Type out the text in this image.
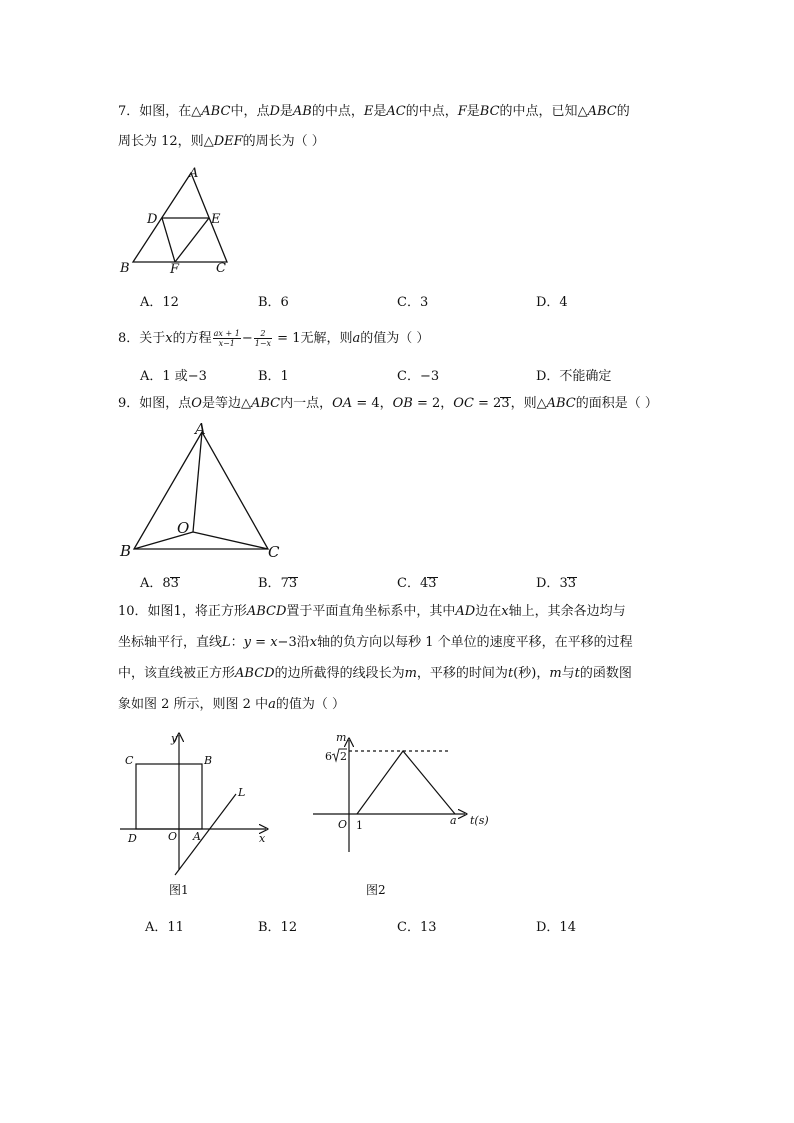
7．如图，在△ABC中，点D是AB的中点，E是AC的中点，F是BC的中点，已知△ABC的
周长为 12，则△DEF的周长为（ ）
A
D	E
B	F	C
A．12	B．6	C．3	D．4
8．关于x的方程 $\frac{ax + 1}{x-1} - \frac{2}{1-x} = 1$无解，则a的值为（ ）
A．1 或−3	B．1	C．−3	D．不能确定
9．如图，点O是等边△ABC内一点，OA = 4，OB = 2，OC = 23，则△ABC的面积是（ ）
A
O
B	C
A．83	B．73	C．43	D．33
10．如图1，将正方形ABCD置于平面直角坐标系中，其中AD边在x轴上，其余各边均与
坐标轴平行，直线L：y = x−3沿x轴的负方向以每秒 1 个单位的速度平移，在平移的过程
中，该直线被正方形ABCD的边所截得的线段长为m，平移的时间为t(秒)，m与t的函数图
象如图 2 所示，则图 2 中a的值为（ ）
y
C	B
L
D	O A	x
图1
m
6 2
O 1	a t(s)
图2
A．11	B．12	C．13	D．14
